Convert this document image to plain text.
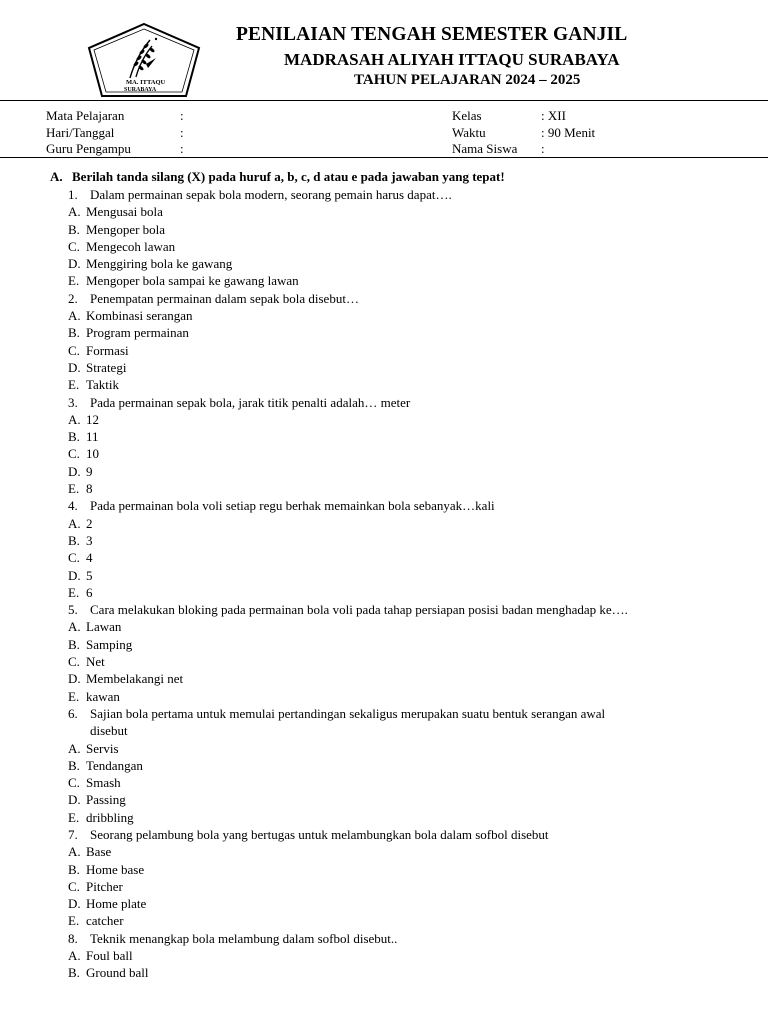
MA. ITTAQU
SURABAYA
PENILAIAN TENGAH SEMESTER GANJIL
MADRASAH ALIYAH ITTAQU SURABAYA
TAHUN PELAJARAN 2024 – 2025
Mata Pelajaran	:
Hari/Tanggal	:
Guru Pengampu	:
Kelas	: XII
Waktu	: 90 Menit
Nama Siswa :
A. Berilah tanda silang (X) pada huruf a, b, c, d atau e pada jawaban yang tepat!
1. Dalam permainan sepak bola modern, seorang pemain harus dapat….
A. Mengusai bola
B. Mengoper bola
C. Mengecoh lawan
D. Menggiring bola ke gawang
E. Mengoper bola sampai ke gawang lawan
2. Penempatan permainan dalam sepak bola disebut…
A. Kombinasi serangan
B. Program permainan
C. Formasi
D. Strategi
E. Taktik
3. Pada permainan sepak bola, jarak titik penalti adalah… meter
A. 12
B. 11
C. 10
D. 9
E. 8
4. Pada permainan bola voli setiap regu berhak memainkan bola sebanyak…kali
A. 2
B. 3
C. 4
D. 5
E. 6
5. Cara melakukan bloking pada permainan bola voli pada tahap persiapan posisi badan menghadap ke….
A. Lawan
B. Samping
C. Net
D. Membelakangi net
E. kawan
6. Sajian bola pertama untuk memulai pertandingan sekaligus merupakan suatu bentuk serangan awal
disebut
A. Servis
B. Tendangan
C. Smash
D. Passing
E. dribbling
7. Seorang pelambung bola yang bertugas untuk melambungkan bola dalam sofbol disebut
A. Base
B. Home base
C. Pitcher
D. Home plate
E. catcher
8. Teknik menangkap bola melambung dalam sofbol disebut..
A. Foul ball
B. Ground ball
